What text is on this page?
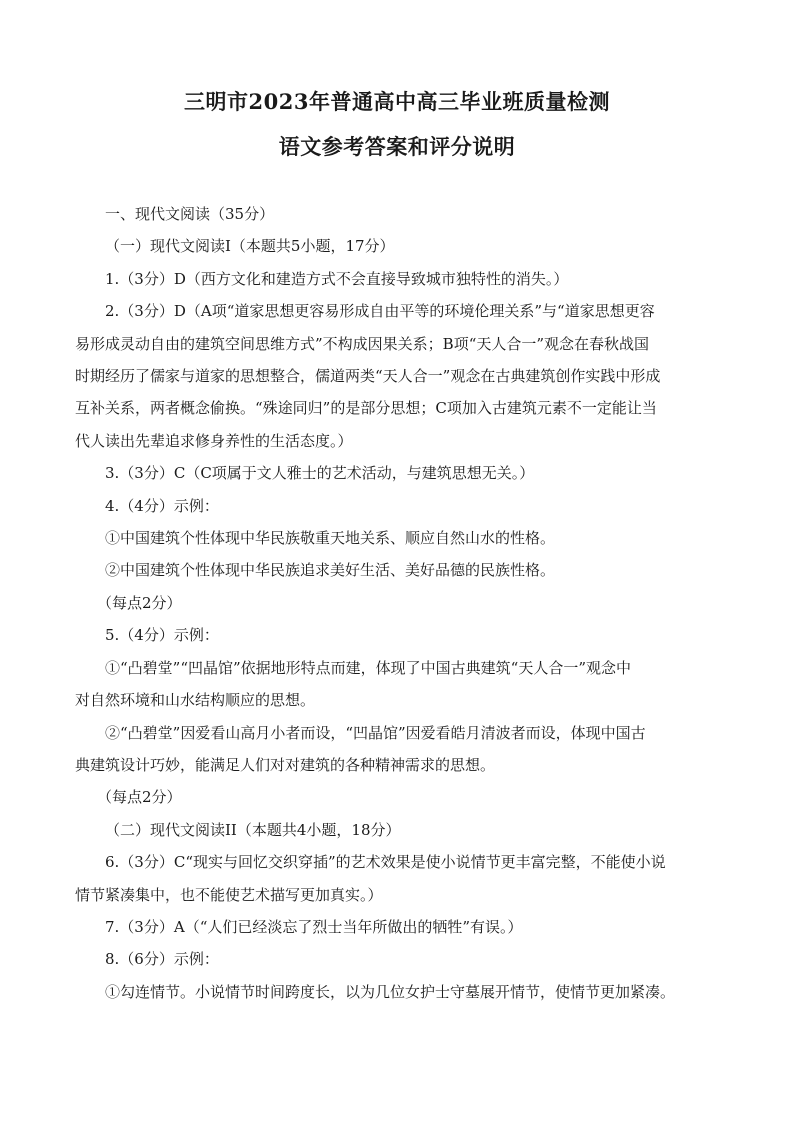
三明市2023年普通高中高三毕业班质量检测
语文参考答案和评分说明

一、现代文阅读（35分）

（一）现代文阅读I（本题共5小题，17分）

1.（3分）D（西方文化和建造方式不会直接导致城市独特性的消失。）

2.（3分）D（A项“道家思想更容易形成自由平等的环境伦理关系”与“道家思想更容

易形成灵动自由的建筑空间思维方式”不构成因果关系；B项“天人合一”观念在春秋战国

时期经历了儒家与道家的思想整合，儒道两类“天人合一”观念在古典建筑创作实践中形成

互补关系，两者概念偷换。“殊途同归”的是部分思想；C项加入古建筑元素不一定能让当

代人读出先辈追求修身养性的生活态度。）

3.（3分）C（C项属于文人雅士的艺术活动，与建筑思想无关。）

4.（4分）示例：

①中国建筑个性体现中华民族敬重天地关系、顺应自然山水的性格。

②中国建筑个性体现中华民族追求美好生活、美好品德的民族性格。

（每点2分）

5.（4分）示例：

①“凸碧堂”“凹晶馆”依据地形特点而建，体现了中国古典建筑“天人合一”观念中

对自然环境和山水结构顺应的思想。

②“凸碧堂”因爱看山高月小者而设，“凹晶馆”因爱看皓月清波者而设，体现中国古

典建筑设计巧妙，能满足人们对对建筑的各种精神需求的思想。

（每点2分）

（二）现代文阅读II（本题共4小题，18分）

6.（3分）C“现实与回忆交织穿插”的艺术效果是使小说情节更丰富完整，不能使小说

情节紧凑集中，也不能使艺术描写更加真实。）

7.（3分）A（“人们已经淡忘了烈士当年所做出的牺牲”有误。）

8.（6分）示例：

①勾连情节。小说情节时间跨度长，以为几位女护士守墓展开情节，使情节更加紧凑。
